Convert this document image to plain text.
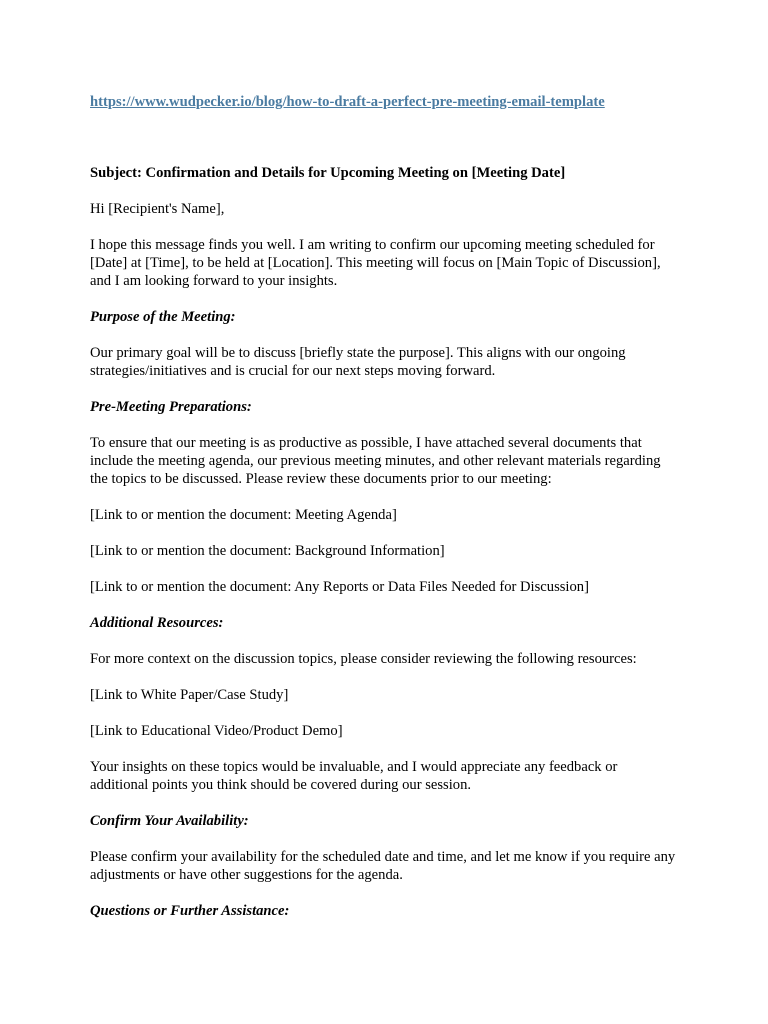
https://www.wudpecker.io/blog/how-to-draft-a-perfect-pre-meeting-email-template

Subject: Confirmation and Details for Upcoming Meeting on [Meeting Date]

Hi [Recipient's Name],

I hope this message finds you well. I am writing to confirm our upcoming meeting scheduled for [Date] at [Time], to be held at [Location]. This meeting will focus on [Main Topic of Discussion], and I am looking forward to your insights.

Purpose of the Meeting:

Our primary goal will be to discuss [briefly state the purpose]. This aligns with our ongoing strategies/initiatives and is crucial for our next steps moving forward.

Pre-Meeting Preparations:

To ensure that our meeting is as productive as possible, I have attached several documents that include the meeting agenda, our previous meeting minutes, and other relevant materials regarding the topics to be discussed. Please review these documents prior to our meeting:

[Link to or mention the document: Meeting Agenda]

[Link to or mention the document: Background Information]

[Link to or mention the document: Any Reports or Data Files Needed for Discussion]

Additional Resources:

For more context on the discussion topics, please consider reviewing the following resources:

[Link to White Paper/Case Study]

[Link to Educational Video/Product Demo]

Your insights on these topics would be invaluable, and I would appreciate any feedback or additional points you think should be covered during our session.

Confirm Your Availability:

Please confirm your availability for the scheduled date and time, and let me know if you require any adjustments or have other suggestions for the agenda.

Questions or Further Assistance:
